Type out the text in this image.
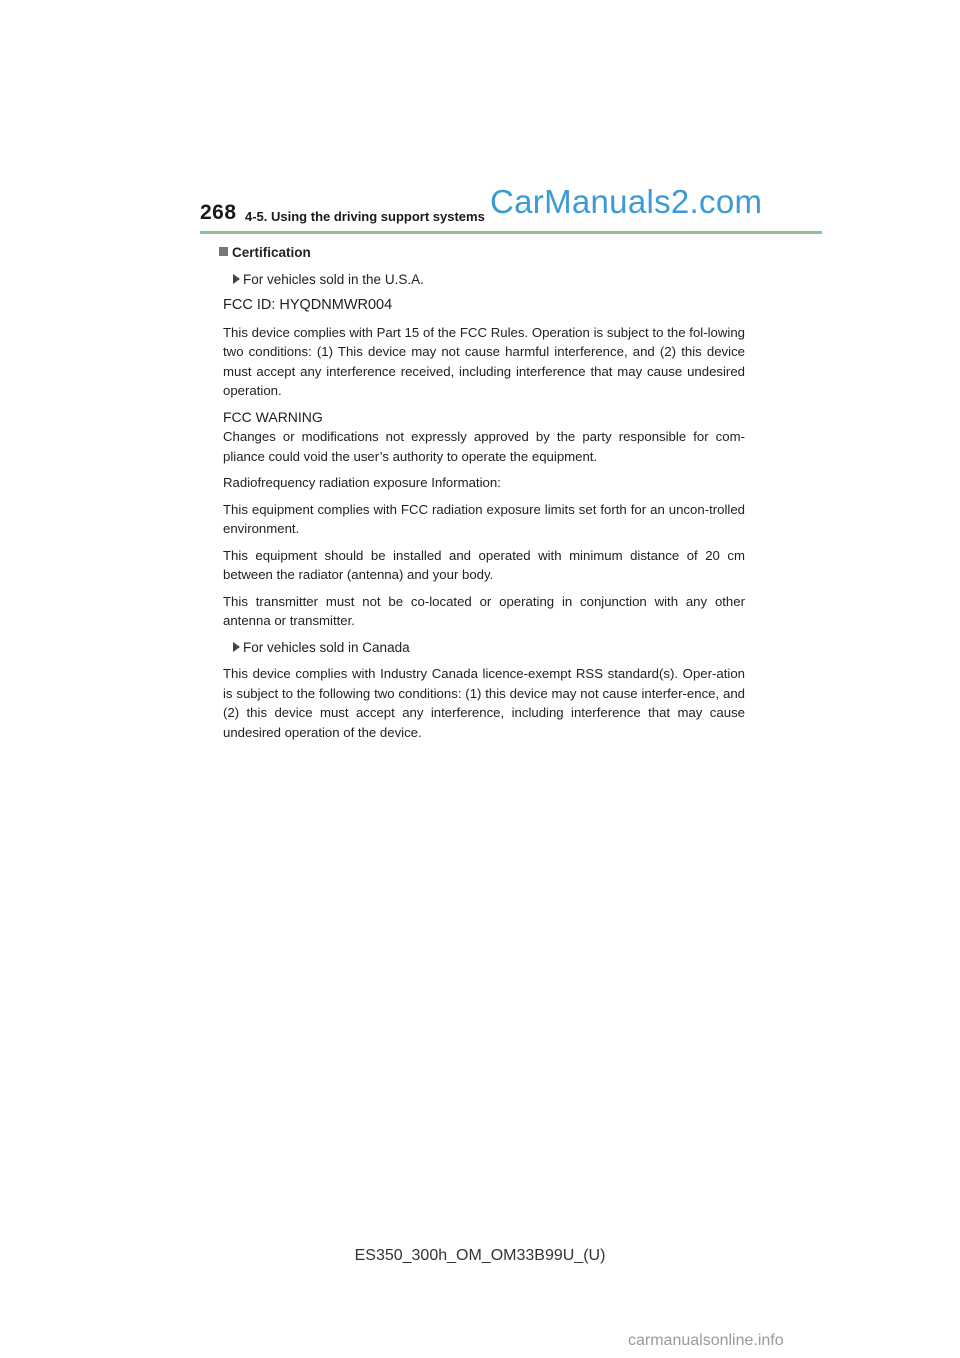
268 4-5. Using the driving support systems CarManuals2.com
Certification
For vehicles sold in the U.S.A.
FCC ID: HYQDNMWR004
This device complies with Part 15 of the FCC Rules. Operation is subject to the fol-lowing two conditions: (1) This device may not cause harmful interference, and (2) this device must accept any interference received, including interference that may cause undesired operation.
FCC WARNING
Changes or modifications not expressly approved by the party responsible for com-pliance could void the user’s authority to operate the equipment.
Radiofrequency radiation exposure Information:
This equipment complies with FCC radiation exposure limits set forth for an uncon-trolled environment.
This equipment should be installed and operated with minimum distance of 20 cm between the radiator (antenna) and your body.
This transmitter must not be co-located or operating in conjunction with any other antenna or transmitter.
For vehicles sold in Canada
This device complies with Industry Canada licence-exempt RSS standard(s). Oper-ation is subject to the following two conditions: (1) this device may not cause interfer-ence, and (2) this device must accept any interference, including interference that may cause undesired operation of the device.
ES350_300h_OM_OM33B99U_(U)
carmanualsonline.info
